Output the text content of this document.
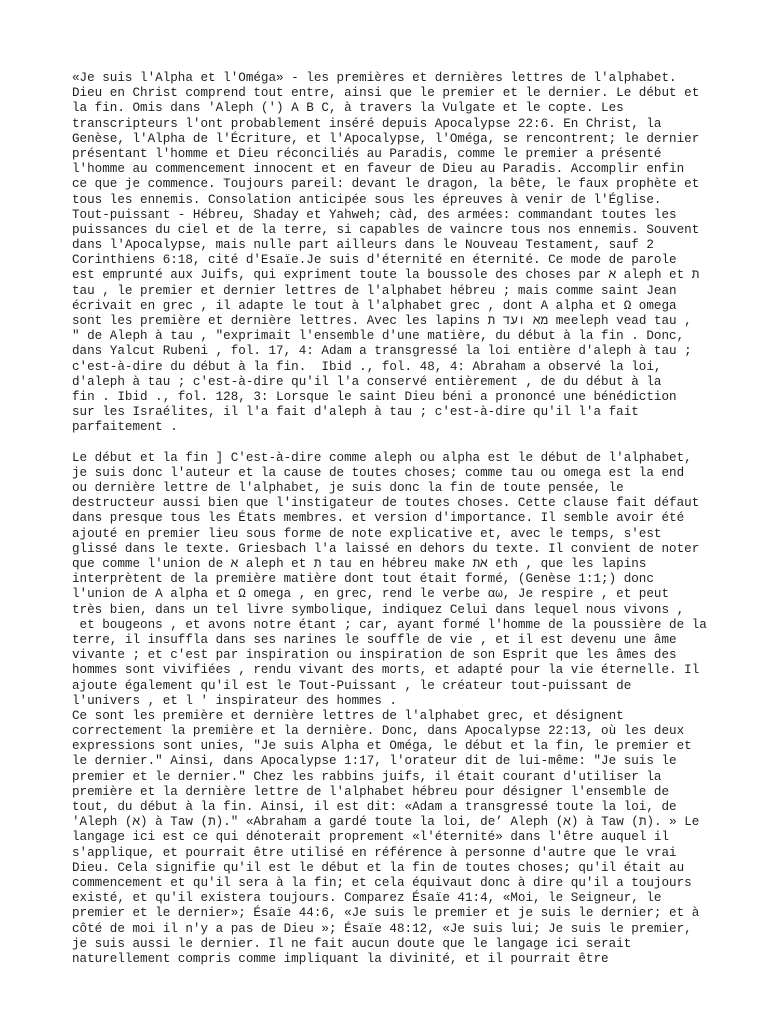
«Je suis l'Alpha et l'Oméga» - les premières et dernières lettres de l'alphabet.
Dieu en Christ comprend tout entre, ainsi que le premier et le dernier. Le début et
la fin. Omis dans 'Aleph (') A B C, à travers la Vulgate et le copte. Les
transcripteurs l'ont probablement inséré depuis Apocalypse 22:6. En Christ, la
Genèse, l'Alpha de l'Écriture, et l'Apocalypse, l'Oméga, se rencontrent; le dernier
présentant l'homme et Dieu réconciliés au Paradis, comme le premier a présenté
l'homme au commencement innocent et en faveur de Dieu au Paradis. Accomplir enfin
ce que je commence. Toujours pareil: devant le dragon, la bête, le faux prophète et
tous les ennemis. Consolation anticipée sous les épreuves à venir de l'Église.
Tout-puissant - Hébreu, Shaday et Yahweh; càd, des armées: commandant toutes les
puissances du ciel et de la terre, si capables de vaincre tous nos ennemis. Souvent
dans l'Apocalypse, mais nulle part ailleurs dans le Nouveau Testament, sauf 2
Corinthiens 6:18, cité d'Esaïe.Je suis d'éternité en éternité. Ce mode de parole
est emprunté aux Juifs, qui expriment toute la boussole des choses par א aleph et ת
tau , le premier et dernier lettres de l'alphabet hébreu ; mais comme saint Jean
écrivait en grec , il adapte le tout à l'alphabet grec , dont Α alpha et Ω omega
sont les première et dernière lettres. Avec les lapins מא ועד ת meeleph vead tau ,
" de Aleph à tau , "exprimait l'ensemble d'une matière, du début à la fin . Donc,
dans Yalcut Rubeni , fol. 17, 4: Adam a transgressé la loi entière d'aleph à tau ;
c'est-à-dire du début à la fin.  Ibid ., fol. 48, 4: Abraham a observé la loi,
d'aleph à tau ; c'est-à-dire qu'il l'a conservé entièrement , de du début à la
fin . Ibid ., fol. 128, 3: Lorsque le saint Dieu béni a prononcé une bénédiction
sur les Israélites, il l'a fait d'aleph à tau ; c'est-à-dire qu'il l'a fait
parfaitement .
Le début et la fin ] C'est-à-dire comme aleph ou alpha est le début de l'alphabet,
je suis donc l'auteur et la cause de toutes choses; comme tau ou omega est la end
ou dernière lettre de l'alphabet, je suis donc la fin de toute pensée, le
destructeur aussi bien que l'instigateur de toutes choses. Cette clause fait défaut
dans presque tous les États membres. et version d'importance. Il semble avoir été
ajouté en premier lieu sous forme de note explicative et, avec le temps, s'est
glissé dans le texte. Griesbach l'a laissé en dehors du texte. Il convient de noter
que comme l'union de א aleph et ת tau en hébreu make את eth , que les lapins
interprètent de la première matière dont tout était formé, (Genèse 1:1;) donc
l'union de Α alpha et Ω omega , en grec, rend le verbe αω, Je respire , et peut
très bien, dans un tel livre symbolique, indiquez Celui dans lequel nous vivons ,
et bougeons , et avons notre étant ; car, ayant formé l'homme de la poussière de la
terre, il insuffla dans ses narines le souffle de vie , et il est devenu une âme
vivante ; et c'est par inspiration ou inspiration de son Esprit que les âmes des
hommes sont vivifiées , rendu vivant des morts, et adapté pour la vie éternelle. Il
ajoute également qu'il est le Tout-Puissant , le créateur tout-puissant de
l'univers , et l ' inspirateur des hommes .
Ce sont les première et dernière lettres de l'alphabet grec, et désignent
correctement la première et la dernière. Donc, dans Apocalypse 22:13, où les deux
expressions sont unies, "Je suis Alpha et Oméga, le début et la fin, le premier et
le dernier." Ainsi, dans Apocalypse 1:17, l'orateur dit de lui-même: "Je suis le
premier et le dernier." Chez les rabbins juifs, il était courant d'utiliser la
première et la dernière lettre de l'alphabet hébreu pour désigner l'ensemble de
tout, du début à la fin. Ainsi, il est dit: «Adam a transgressé toute la loi, de
'Aleph (א) à Taw (ת)." «Abraham a gardé toute la loi, de’ Aleph (א) à Taw (ת). » Le
langage ici est ce qui dénoterait proprement «l'éternité» dans l'être auquel il
s'applique, et pourrait être utilisé en référence à personne d'autre que le vrai
Dieu. Cela signifie qu'il est le début et la fin de toutes choses; qu'il était au
commencement et qu'il sera à la fin; et cela équivaut donc à dire qu'il a toujours
existé, et qu'il existera toujours. Comparez Ésaïe 41:4, «Moi, le Seigneur, le
premier et le dernier»; Ésaïe 44:6, «Je suis le premier et je suis le dernier; et à
côté de moi il n'y a pas de Dieu »; Ésaïe 48:12, «Je suis lui; Je suis le premier,
je suis aussi le dernier. Il ne fait aucun doute que le langage ici serait
naturellement compris comme impliquant la divinité, et il pourrait être
